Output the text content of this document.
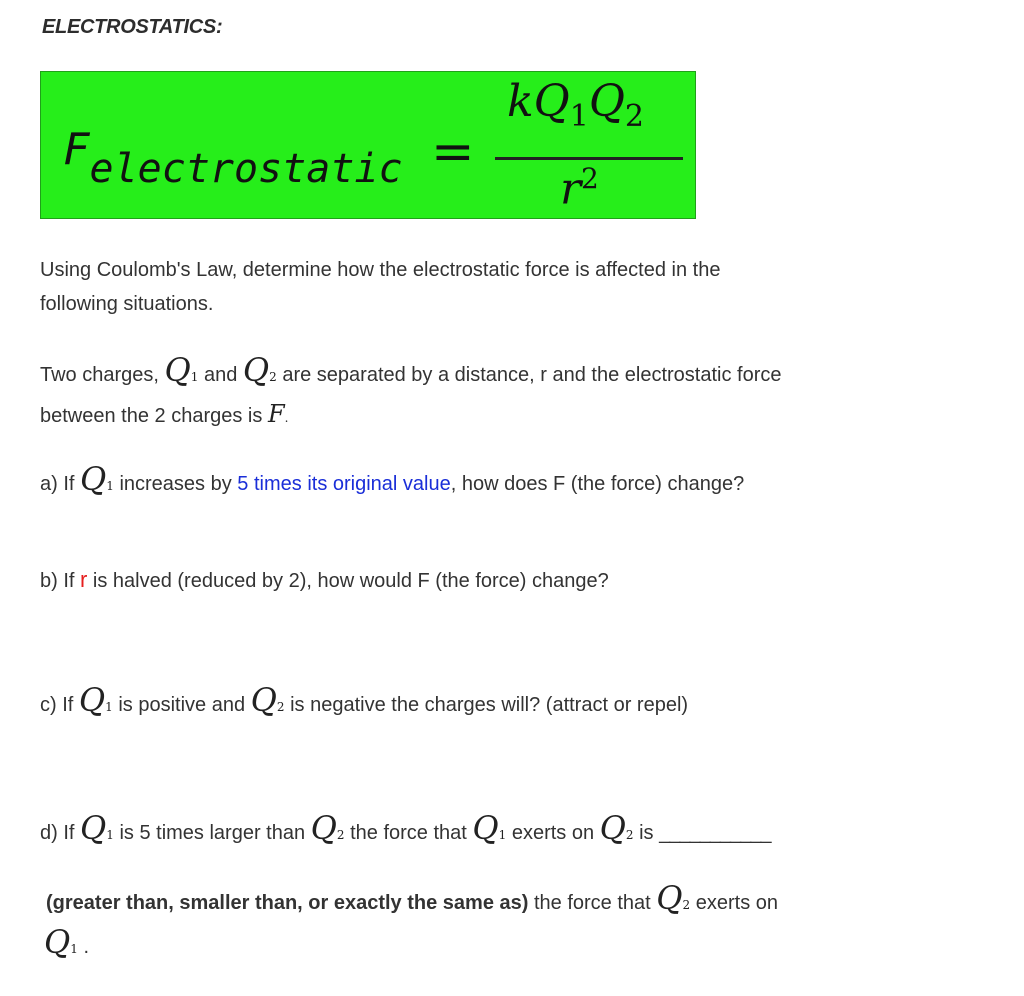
ELECTROSTATICS:
Felectrostatic =
$kQ_1Q_2$
$r^2$
Using Coulomb's Law, determine how the electrostatic force is affected in the
following situations.
Two charges, Q1 and Q2 are separated by a distance, r and the electrostatic force
between the 2 charges is F.
a) If Q1 increases by 5 times its original value, how does F (the force) change?
b) If r is halved (reduced by 2), how would F (the force) change?
c) If Q1 is positive and Q2 is negative the charges will? (attract or repel)
d) If Q1 is 5 times larger than Q2 the force that Q1 exerts on Q2 is ___________
(greater than, smaller than, or exactly the same as) the force that Q2 exerts on
Q1 .
